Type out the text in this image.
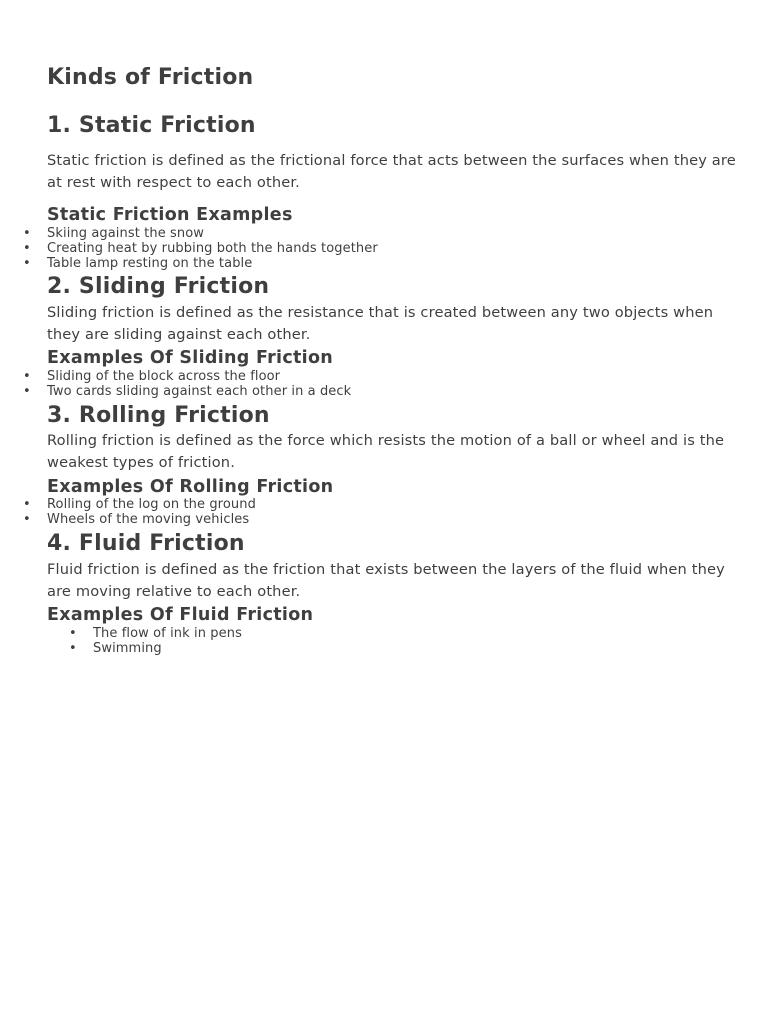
Kinds of Friction
1. Static Friction

Static friction is defined as the frictional force that acts between the surfaces when they are at rest with respect to each other.

Static Friction Examples
• Skiing against the snow
• Creating heat by rubbing both the hands together
• Table lamp resting on the table
2. Sliding Friction

Sliding friction is defined as the resistance that is created between any two objects when they are sliding against each other.

Examples Of Sliding Friction
• Sliding of the block across the floor
• Two cards sliding against each other in a deck
3. Rolling Friction

Rolling friction is defined as the force which resists the motion of a ball or wheel and is the weakest types of friction.

Examples Of Rolling Friction
• Rolling of the log on the ground
• Wheels of the moving vehicles
4. Fluid Friction

Fluid friction is defined as the friction that exists between the layers of the fluid when they are moving relative to each other.

Examples Of Fluid Friction
• The flow of ink in pens
• Swimming
